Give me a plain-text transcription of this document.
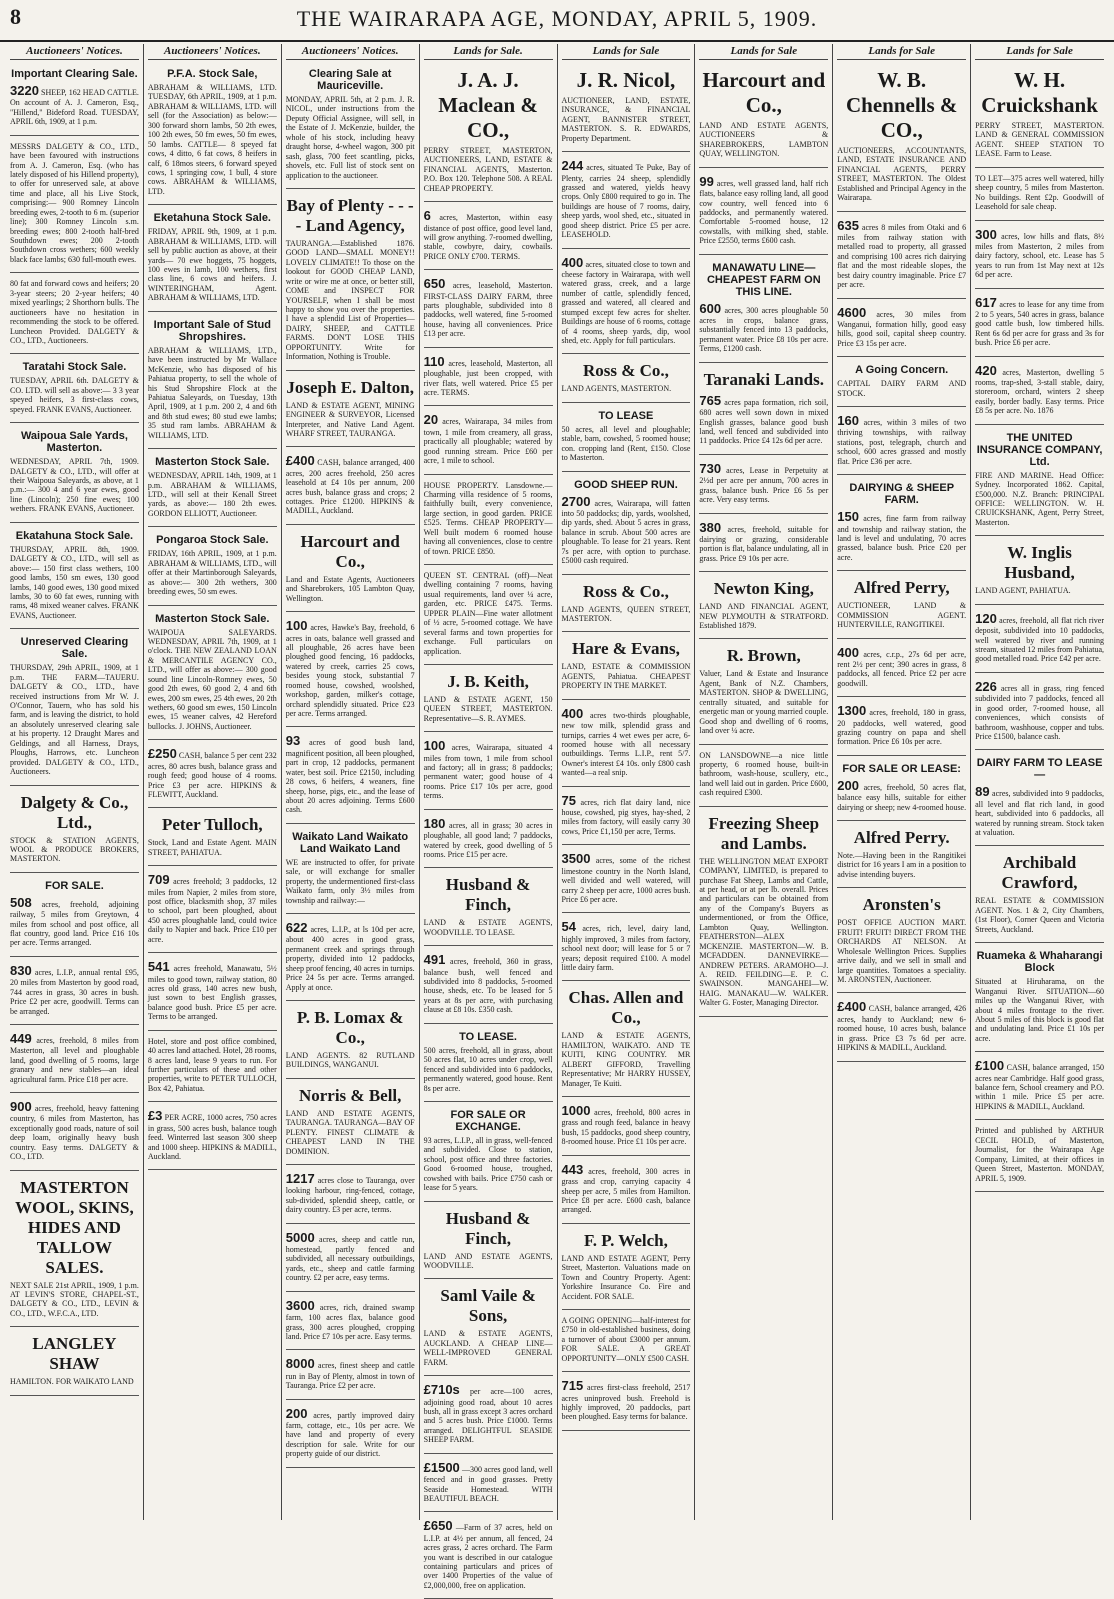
8	THE WAIRARAPA AGE, MONDAY, APRIL 5, 1909.
Auctioneers' Notices.
Important Clearing Sale.

3220 SHEEP, 162 HEAD CATTLE. On account of A. J. Cameron, Esq., "Hillend," Bideford Road. TUESDAY, APRIL 6th, 1909, at 1 p.m.

MESSRS DALGETY & CO., LTD., have been favoured with instructions from A. J. Cameron, Esq. (who has lately disposed of his Hillend property), to offer for unreserved sale, at above time and place, all his Live Stock, comprising:— 900 Romney Lincoln breeding ewes, 2-tooth to 6 m. (superior line); 300 Romney Lincoln s.m. breeding ewes; 800 2-tooth half-bred Southdown ewes; 200 2-tooth Southdown cross wethers; 600 weekly black face lambs; 630 full-mouth ewes.

80 fat and forward cows and heifers; 20 3-year steers; 20 2-year heifers; 40 mixed yearlings; 2 Shorthorn bulls. The auctioneers have no hesitation in recommending the stock to be offered. Luncheon Provided. DALGETY & CO., LTD., Auctioneers.

Taratahi Stock Sale.

TUESDAY, APRIL 6th. DALGETY & CO. LTD. will sell as above:— 3 3 year speyed heifers, 3 first-class cows, speyed. FRANK EVANS, Auctioneer.

Waipoua Sale Yards, Masterton.

WEDNESDAY, APRIL 7th, 1909. DALGETY & CO., LTD., will offer at their Waipoua Saleyards, as above, at 1 p.m.:— 300 4 and 6 year ewes, good line (Lincoln); 250 fine ewes; 100 wethers. FRANK EVANS, Auctioneer.

Ekatahuna Stock Sale.

THURSDAY, APRIL 8th, 1909. DALGETY & CO., LTD., will sell as above:— 150 first class wethers, 100 good lambs, 150 sm ewes, 130 good lambs, 140 good ewes, 130 good mixed lambs, 30 to 60 fat ewes, running with rams, 48 mixed weaner calves. FRANK EVANS, Auctioneer.

Unreserved Clearing Sale.

THURSDAY, 29th APRIL, 1909, at 1 p.m. THE FARM—TAUERU. DALGETY & CO., LTD., have received instructions from Mr W. J. O'Connor, Tauern, who has sold his farm, and is leaving the district, to hold an absolutely unreserved clearing sale at his property. 12 Draught Mares and Geldings, and all Harness, Drays, Ploughs, Harrows, etc. Luncheon provided. DALGETY & CO., LTD., Auctioneers.

Dalgety & Co., Ltd.,

STOCK & STATION AGENTS, WOOL & PRODUCE BROKERS, MASTERTON.

FOR SALE.

508 acres, freehold, adjoining railway, 5 miles from Greytown, 4 miles from school and post office, all flat country, good land. Price £16 10s per acre. Terms arranged.

830 acres, L.I.P., annual rental £95, 20 miles from Masterton by good road, 744 acres in grass, 30 acres in bush. Price £2 per acre, goodwill. Terms can be arranged.

449 acres, freehold, 8 miles from Masterton, all level and ploughable land, good dwelling of 5 rooms, large granary and new stables—an ideal agricultural farm. Price £18 per acre.

900 acres, freehold, heavy fattening country, 6 miles from Masterton, has exceptionally good roads, nature of soil deep loam, originally heavy bush country. Easy terms. DALGETY & CO., LTD.

MASTERTON WOOL, SKINS, HIDES AND TALLOW SALES.

NEXT SALE 21st APRIL, 1909, 1 p.m. AT LEVIN'S STORE, CHAPEL-ST., DALGETY & CO., LTD., LEVIN & CO., LTD., W.F.C.A., LTD.

LANGLEY SHAW

HAMILTON. FOR WAIKATO LAND

Auctioneers' Notices.
P.F.A. Stock Sale,

ABRAHAM & WILLIAMS, LTD. TUESDAY, 6th APRIL, 1909, at 1 p.m. ABRAHAM & WILLIAMS, LTD. will sell (for the Association) as below:— 300 forward shorn lambs, 50 2th ewes, 100 2th ewes, 50 fm ewes, 50 fm ewes, 50 lambs. CATTLE— 8 speyed fat cows, 4 ditto, 6 fat cows, 8 heifers in calf, 6 18mos steers, 6 forward speyed cows, 1 springing cow, 1 bull, 4 store cows. ABRAHAM & WILLIAMS, LTD.

Eketahuna Stock Sale.

FRIDAY, APRIL 9th, 1909, at 1 p.m. ABRAHAM & WILLIAMS, LTD. will sell by public auction as above, at their yards— 70 ewe hoggets, 75 hoggets, 100 ewes in lamb, 100 wethers, first class line, 6 cows and heifers. J. WINTERINGHAM, Agent. ABRAHAM & WILLIAMS, LTD.

Important Sale of Stud Shropshires.

ABRAHAM & WILLIAMS, LTD., have been instructed by Mr Wallace McKenzie, who has disposed of his Pahiatua property, to sell the whole of his Stud Shropshire Flock at the Pahiatua Saleyards, on Tuesday, 13th April, 1909, at 1 p.m. 200 2, 4 and 6th and 8th stud ewes; 80 stud ewe lambs; 35 stud ram lambs. ABRAHAM & WILLIAMS, LTD.

Masterton Stock Sale.

WEDNESDAY, APRIL 14th, 1909, at 1 p.m. ABRAHAM & WILLIAMS, LTD., will sell at their Kenall Street yards, as above:— 180 2th ewes. GORDON ELLIOTT, Auctioneer.

Pongaroa Stock Sale.

FRIDAY, 16th APRIL, 1909, at 1 p.m. ABRAHAM & WILLIAMS, LTD., will offer at their Martinborough Saleyards, as above:— 300 2th wethers, 300 breeding ewes, 50 sm ewes.

Masterton Stock Sale.

WAIPOUA SALEYARDS. WEDNESDAY, APRIL 7th, 1909, at 1 o'clock. THE NEW ZEALAND LOAN & MERCANTILE AGENCY CO., LTD., will offer as above:— 300 good sound line Lincoln-Romney ewes, 50 good 2th ewes, 60 good 2, 4 and 6th ewes, 200 sm ewes, 25 4th ewes, 20 2th wethers, 60 good sm ewes, 150 Lincoln ewes, 15 weaner calves, 42 Hereford bullocks. J. JOHNS, Auctioneer.

£250 CASH, balance 5 per cent 232 acres, 80 acres bush, balance grass and rough feed; good house of 4 rooms. Price £3 per acre. HIPKINS & FLEWITT, Auckland.

Peter Tulloch,

Stock, Land and Estate Agent. MAIN STREET, PAHIATUA.

709 acres freehold; 3 paddocks, 12 miles from Napier, 2 miles from store, post office, blacksmith shop, 37 miles to school, part been ploughed, about 450 acres ploughable land, could twice daily to Napier and back. Price £10 per acre.

541 acres freehold, Manawatu, 5½ miles to good town, railway station, 80 acres old grass, 140 acres new bush, just sown to best English grasses, balance good bush. Price £5 per acre. Terms to be arranged.

Hotel, store and post office combined, 40 acres land attached. Hotel, 28 rooms, 8 acres land, lease 9 years to run. For further particulars of these and other properties, write to PETER TULLOCH, Box 42, Pahiatua.

£3 PER ACRE, 1000 acres, 750 acres in grass, 500 acres bush, balance tough feed. Winterred last season 300 sheep and 1000 sheep. HIPKINS & MADILL, Auckland.

Auctioneers' Notices.
Clearing Sale at Mauriceville.

MONDAY, APRIL 5th, at 2 p.m. J. R. NICOL, under instructions from the Deputy Official Assignee, will sell, in the Estate of J. McKenzie, builder, the whole of his stock, including heavy draught horse, 4-wheel wagon, 300 pit sash, glass, 700 feet scantling, picks, shovels, etc. Full list of stock sent on application to the auctioneer.

Bay of Plenty - - - - Land Agency,

TAURANGA.—Established 1876. GOOD LAND—SMALL MONEY!! LOVELY CLIMATE!! To those on the lookout for GOOD CHEAP LAND, write or wire me at once, or better still, COME and INSPECT FOR YOURSELF, when I shall be most happy to show you over the properties. I have a splendid List of Properties—DAIRY, SHEEP, and CATTLE FARMS. DON'T LOSE THIS OPPORTUNITY. Write for Information, Nothing is Trouble.

Joseph E. Dalton,

LAND & ESTATE AGENT, MINING ENGINEER & SURVEYOR, Licensed Interpreter, and Native Land Agent. WHARF STREET, TAURANGA.

£400 CASH, balance arranged, 400 acres, 200 acres freehold, 250 acres leasehold at £4 10s per annum, 200 acres bush, balance grass and crops; 2 cottages. Price £1200. HIPKINS & MADILL, Auckland.

Harcourt and Co.,

Land and Estate Agents, Auctioneers and Sharebrokers, 105 Lambton Quay, Wellington.

100 acres, Hawke's Bay, freehold, 6 acres in oats, balance well grassed and all ploughable, 26 acres have been ploughed good fencing, 16 paddocks, watered by creek, carries 25 cows, besides young stock, substantial 7 roomed house, cowshed, woolshed, workshop, garden, milker's cottage, orchard splendidly situated. Price £23 per acre. Terms arranged.

93 acres of good bush land, magnificent position, all been ploughed, part in crop, 12 paddocks, permanent water, best soil. Price £2150, including 28 cows, 6 heifers, 4 weaners, fine sheep, horse, pigs, etc., and the lease of about 20 acres adjoining. Terms £600 cash.

Waikato Land Waikato Land Waikato Land

WE are instructed to offer, for private sale, or will exchange for smaller property, the undermentioned first-class Waikato farm, only 3½ miles from township and railway:—

622 acres, L.I.P., at ls 10d per acre, about 400 acres in good grass, permanent creek and springs through property, divided into 12 paddocks, sheep proof fencing, 40 acres in turnips. Price 24 5s per acre. Terms arranged. Apply at once.

P. B. Lomax & Co.,

LAND AGENTS. 82 RUTLAND BUILDINGS, WANGANUI.

Norris & Bell,

LAND AND ESTATE AGENTS, TAURANGA. TAURANGA—BAY OF PLENTY. FINEST CLIMATE & CHEAPEST LAND IN THE DOMINION.

1217 acres close to Tauranga, over looking harbour, ring-fenced, cottage, sub-divided, splendid sheep, cattle, or dairy country. £3 per acre, terms.

5000 acres, sheep and cattle run, homestead, partly fenced and subdivided, all necessary outbuildings, yards, etc., sheep and cattle farming country. £2 per acre, easy terms.

3600 acres, rich, drained swamp farm, 100 acres flax, balance good grass, 300 acres ploughed, cropping land. Price £7 10s per acre. Easy terms.

8000 acres, finest sheep and cattle run in Bay of Plenty, almost in town of Tauranga. Price £2 per acre.

200 acres, partly improved dairy farm, cottage, etc., 10s per acre. We have land and property of every description for sale. Write for our property guide of our district.

Lands for Sale.
J. A. J. Maclean & CO.,

PERRY STREET, MASTERTON, AUCTIONEERS, LAND, ESTATE & FINANCIAL AGENTS, Masterton. P.O. Box 120. Telephone 508. A REAL CHEAP PROPERTY.

6 acres, Masterton, within easy distance of post office, good level land, will grow anything. 7-roomed dwelling, stable, cowbyre, dairy, cowbails. PRICE ONLY £700. TERMS.

650 acres, leasehold, Masterton. FIRST-CLASS DAIRY FARM, three parts ploughable, subdivided into 8 paddocks, well watered, fine 5-roomed house, having all conveniences. Price £13 per acre.

110 acres, leasehold, Masterton, all ploughable, just been cropped, with river flats, well watered. Price £5 per acre. TERMS.

20 acres, Wairarapa, 34 miles from town, 1 mile from creamery, all grass, practically all ploughable; watered by good running stream. Price £60 per acre, 1 mile to school.

HOUSE PROPERTY. Lansdowne.—Charming villa residence of 5 rooms, faithfully built, every convenience, large section, in good garden. PRICE £525. Terms. CHEAP PROPERTY—Well built modern 6 roomed house having all conveniences, close to centre of town. PRICE £850.

QUEEN ST. CENTRAL (off)—Neat dwelling containing 7 rooms, having usual requirements, land over ¼ acre, garden, etc. PRICE £475. Terms. UPPER PLAIN—Fine water allotment of ½ acre, 5-roomed cottage. We have several farms and town properties for exchange. Full particulars on application.

J. B. Keith,

LAND & ESTATE AGENT, 150 QUEEN STREET, MASTERTON. Representative—S. R. AYMES.

100 acres, Wairarapa, situated 4 miles from town, 1 mile from school and factory; all in grass; 8 paddocks; permanent water; good house of 4 rooms. Price £17 10s per acre, good terms.

180 acres, all in grass; 30 acres in ploughable, all good land; 7 paddocks, watered by creek, good dwelling of 5 rooms. Price £15 per acre.

Husband & Finch,

LAND & ESTATE AGENTS, WOODVILLE. TO LEASE.

491 acres, freehold, 360 in grass, balance bush, well fenced and subdivided into 8 paddocks, 5-roomed house, sheds, etc. To be leased for 5 years at 8s per acre, with purchasing clause at £8 10s. £350 cash.

TO LEASE.

500 acres, freehold, all in grass, about 50 acres flat, 10 acres under crop, well fenced and subdivided into 6 paddocks, permanently watered, good house. Rent 8s per acre.

FOR SALE OR EXCHANGE.

93 acres, L.I.P., all in grass, well-fenced and subdivided. Close to station, school, post office and three factories. Good 6-roomed house, troughed, cowshed with bails. Price £750 cash or lease for 5 years.

Husband & Finch,

LAND AND ESTATE AGENTS, WOODVILLE.

Saml Vaile & Sons,

LAND & ESTATE AGENTS, AUCKLAND. A CHEAP LINE—WELL-IMPROVED GENERAL FARM.

£710s per acre—100 acres, adjoining good road, about 10 acres bush, all in grass except 3 acres orchard and 5 acres bush. Price £1000. Terms arranged. DELIGHTFUL SEASIDE SHEEP FARM.

£1500 —300 acres good land, well fenced and in good grasses. Pretty Seaside Homestead. WITH BEAUTIFUL BEACH.

£650 —Farm of 37 acres, held on L.I.P. at 4½ per annum, all fenced, 24 acres grass, 2 acres orchard. The Farm you want is described in our catalogue containing particulars and prices of over 1400 Properties of the value of £2,000,000, free on application.

Lands for Sale
J. R. Nicol,

AUCTIONEER, LAND, ESTATE, INSURANCE, & FINANCIAL AGENT, BANNISTER STREET, MASTERTON. S. R. EDWARDS, Property Department.

244 acres, situated Te Puke, Bay of Plenty, carries 24 sheep, splendidly grassed and watered, yields heavy crops. Only £800 required to go in. The buildings are house of 7 rooms, dairy, sheep yards, wool shed, etc., situated in good sheep district. Price £5 per acre. LEASEHOLD.

400 acres, situated close to town and cheese factory in Wairarapa, with well watered grass, creek, and a large number of cattle, splendidly fenced, grassed and watered, all cleared and stumped except few acres for shelter. Buildings are house of 6 rooms, cottage of 4 rooms, sheep yards, dip, wool shed, etc. Apply for full particulars.

Ross & Co.,

LAND AGENTS, MASTERTON.

TO LEASE

50 acres, all level and ploughable; stable, barn, cowshed, 5 roomed house; con. cropping land (Rent, £150. Close to Masterton.

GOOD SHEEP RUN.

2700 acres, Wairarapa, will fatten into 50 paddocks; dip, yards, woolshed, dip yards, shed. About 5 acres in grass, balance in scrub. About 500 acres are ploughable. To lease for 21 years. Rent 7s per acre, with option to purchase. £5000 cash required.

Ross & Co.,

LAND AGENTS, QUEEN STREET, MASTERTON.

Hare & Evans,

LAND, ESTATE & COMMISSION AGENTS, Pahiatua. CHEAPEST PROPERTY IN THE MARKET.

400 acres two-thirds ploughable, new tow milk, splendid grass and turnips, carries 4 wet ewes per acre, 6-roomed house with all necessary outbuildings. Terms L.I.P., rent 5/7. Owner's interest £4 10s. only £800 cash wanted—a real snip.

75 acres, rich flat dairy land, nice house, cowshed, pig styes, hay-shed, 2 miles from factory, will easily carry 30 cows, Price £1,150 per acre, Terms.

3500 acres, some of the richest limestone country in the North Island, well divided and well watered, will carry 2 sheep per acre, 1000 acres bush. Price £6 per acre.

54 acres, rich, level, dairy land, highly improved, 3 miles from factory, school next door; will lease for 5 or 7 years; deposit required £100. A model little dairy farm.

Chas. Allen and Co.,

LAND & ESTATE AGENTS, HAMILTON, WAIKATO. AND TE KUITI, KING COUNTRY. MR ALBERT GIFFORD, Travelling Representative; Mr HARRY HUSSEY, Manager, Te Kuiti.

1000 acres, freehold, 800 acres in grass and rough feed, balance in heavy bush, 15 paddocks, good sheep country, 8-roomed house. Price £1 10s per acre.

443 acres, freehold, 300 acres in grass and crop, carrying capacity 4 sheep per acre, 5 miles from Hamilton. Price £8 per acre. £600 cash, balance arranged.

F. P. Welch,

LAND AND ESTATE AGENT, Perry Street, Masterton. Valuations made on Town and Country Property. Agent: Yorkshire Insurance Co. Fire and Accident. FOR SALE.

A GOING OPENING—half-interest for £750 in old-established business, doing a turnover of about £3000 per annum. FOR SALE. A GREAT OPPORTUNITY—ONLY £500 CASH.

715 acres first-class freehold, 2517 acres uninproved bush. Freehold is highly improved, 20 paddocks, part been ploughed. Easy terms for balance.

Lands for Sale
Harcourt and Co.,

LAND AND ESTATE AGENTS, AUCTIONEERS & SHAREBROKERS, LAMBTON QUAY, WELLINGTON.

99 acres, well grassed land, half rich flats, balance easy rolling land, all good cow country, well fenced into 6 paddocks, and permanently watered. Comfortable 5-roomed house, 12 cowstalls, with milking shed, stable. Price £2550, terms £600 cash.

MANAWATU LINE—CHEAPEST FARM ON THIS LINE.

600 acres, 300 acres ploughable 50 acres in crops, balance grass, substantially fenced into 13 paddocks, permanent water. Price £8 10s per acre. Terms, £1200 cash.

Taranaki Lands.

765 acres papa formation, rich soil, 680 acres well sown down in mixed English grasses, balance good bush land, well fenced and subdivided into 11 paddocks. Price £4 12s 6d per acre.

730 acres, Lease in Perpetuity at 2½d per acre per annum, 700 acres in grass, balance bush. Price £6 5s per acre. Very easy terms.

380 acres, freehold, suitable for dairying or grazing, considerable portion is flat, balance undulating, all in grass. Price £9 10s per acre.

Newton King,

LAND AND FINANCIAL AGENT, NEW PLYMOUTH & STRATFORD. Established 1879.

R. Brown,

Valuer, Land & Estate and Insurance Agent, Bank of N.Z. Chambers, MASTERTON. SHOP & DWELLING, centrally situated, and suitable for energetic man or young married couple. Good shop and dwelling of 6 rooms, land over ¼ acre.

ON LANSDOWNE—a nice little property, 6 roomed house, built-in bathroom, wash-house, scullery, etc., land well laid out in garden. Price £600, cash required £300.

Freezing Sheep and Lambs.

THE WELLINGTON MEAT EXPORT COMPANY, LIMITED, is prepared to purchase Fat Sheep, Lambs and Cattle, at per head, or at per lb. overall. Prices and particulars can be obtained from any of the Company's Buyers as undermentioned, or from the Office, Lambton Quay, Wellington. FEATHERSTON—ALEX MCKENZIE. MASTERTON—W. B. MCFADDEN. DANNEVIRKE—ANDREW PETERS. ARAMOHO—J. A. REID. FEILDING—E. P. C. SWAINSON. MANGAHEI—W. HAIG. MANAKAU—W. WALKER. Walter G. Foster, Managing Director.

Lands for Sale
W. B. Chennells & CO.,

AUCTIONEERS, ACCOUNTANTS, LAND, ESTATE INSURANCE AND FINANCIAL AGENTS, PERRY STREET, MASTERTON. The Oldest Established and Principal Agency in the Wairarapa.

635 acres 8 miles from Otaki and 6 miles from railway station with metalled road to property, all grassed and comprising 100 acres rich dairying flat and the most rideable slopes, the best dairy country imaginable. Price £7 per acre.

4600 acres, 30 miles from Wanganui, formation hilly, good easy hills, good soil, capital sheep country. Price £3 15s per acre.

A Going Concern.

CAPITAL DAIRY FARM AND STOCK.

160 acres, within 3 miles of two thriving townships, with railway stations, post, telegraph, church and school, 600 acres grassed and mostly flat. Price £36 per acre.

DAIRYING & SHEEP FARM.

150 acres, fine farm from railway and township and railway station, the land is level and undulating, 70 acres grassed, balance bush. Price £20 per acre.

Alfred Perry,

AUCTIONEER, LAND & COMMISSION AGENT. HUNTERVILLE, RANGITIKEI.

400 acres, c.r.p., 27s 6d per acre, rent 2½ per cent; 390 acres in grass, 8 paddocks, all fenced. Price £2 per acre goodwill.

1300 acres, freehold, 180 in grass, 20 paddocks, well watered, good grazing country on papa and shell formation. Price £6 10s per acre.

FOR SALE OR LEASE:

200 acres, freehold, 50 acres flat, balance easy hills, suitable for either dairying or sheep; new 4-roomed house.

Alfred Perry.

Note.—Having been in the Rangitikei district for 16 years I am in a position to advise intending buyers.

Aronsten's

POST OFFICE AUCTION MART. FRUIT! FRUIT! DIRECT FROM THE ORCHARDS AT NELSON. At Wholesale Wellington Prices. Supplies arrive daily, and we sell in small and large quantities. Tomatoes a speciality. M. ARONSTEN, Auctioneer.

£400 CASH, balance arranged, 426 acres, handy to Auckland; new 6-roomed house, 10 acres bush, balance in grass. Price £3 7s 6d per acre. HIPKINS & MADILL, Auckland.

Lands for Sale
W. H. Cruickshank

PERRY STREET, MASTERTON. LAND & GENERAL COMMISSION AGENT. SHEEP STATION TO LEASE. Farm to Lease.

TO LET—375 acres well watered, hilly sheep country, 5 miles from Masterton. No buildings. Rent £2p. Goodwill of Leasehold for sale cheap.

300 acres, low hills and flats, 8½ miles from Masterton, 2 miles from dairy factory, school, etc. Lease has 5 years to run from 1st May next at 12s 6d per acre.

617 acres to lease for any time from 2 to 5 years, 540 acres in grass, balance good cattle bush, low timbered hills. Rent 6s 6d per acre for grass and 3s for bush. Price £6 per acre.

420 acres, Masterton, dwelling 5 rooms, trap-shed, 3-stall stable, dairy, storeroom, orchard, winters 2 sheep easily, border badly. Easy terms. Price £8 5s per acre. No. 1876

THE UNITED INSURANCE COMPANY, Ltd.

FIRE AND MARINE. Head Office: Sydney. Incorporated 1862. Capital, £500,000. N.Z. Branch: PRINCIPAL OFFICE: WELLINGTON. W. H. CRUICKSHANK, Agent, Perry Street, Masterton.

W. Inglis Husband,

LAND AGENT, PAHIATUA.

120 acres, freehold, all flat rich river deposit, subdivided into 10 paddocks, well watered by river and running stream, situated 12 miles from Pahiatua, good metalled road. Price £42 per acre.

226 acres all in grass, ring fenced subdivided into 7 paddocks, fenced all in good order, 7-roomed house, all conveniences, which consists of bathroom, washhouse, copper and tubs. Price £1500, balance cash.

DAIRY FARM TO LEASE—

89 acres, subdivided into 9 paddocks, all level and flat rich land, in good heart, subdivided into 6 paddocks, all watered by running stream. Stock taken at valuation.

Archibald Crawford,

REAL ESTATE & COMMISSION AGENT. Nos. 1 & 2, City Chambers, (1st Floor), Corner Queen and Victoria Streets, Auckland.

Ruameka & Whaharangi Block

Situated at Hiruharama, on the Wanganui River. SITUATION—60 miles up the Wanganui River, with about 4 miles frontage to the river. About 5 miles of this block is good flat and undulating land. Price £1 10s per acre.

£100 CASH, balance arranged, 150 acres near Cambridge. Half good grass, balance fern, School creamery and P.O. within 1 mile. Price £5 per acre. HIPKINS & MADILL, Auckland.

Printed and published by ARTHUR CECIL HOLD, of Masterton, Journalist, for the Wairarapa Age Company, Limited, at their offices in Queen Street, Masterton. MONDAY, APRIL 5, 1909.
